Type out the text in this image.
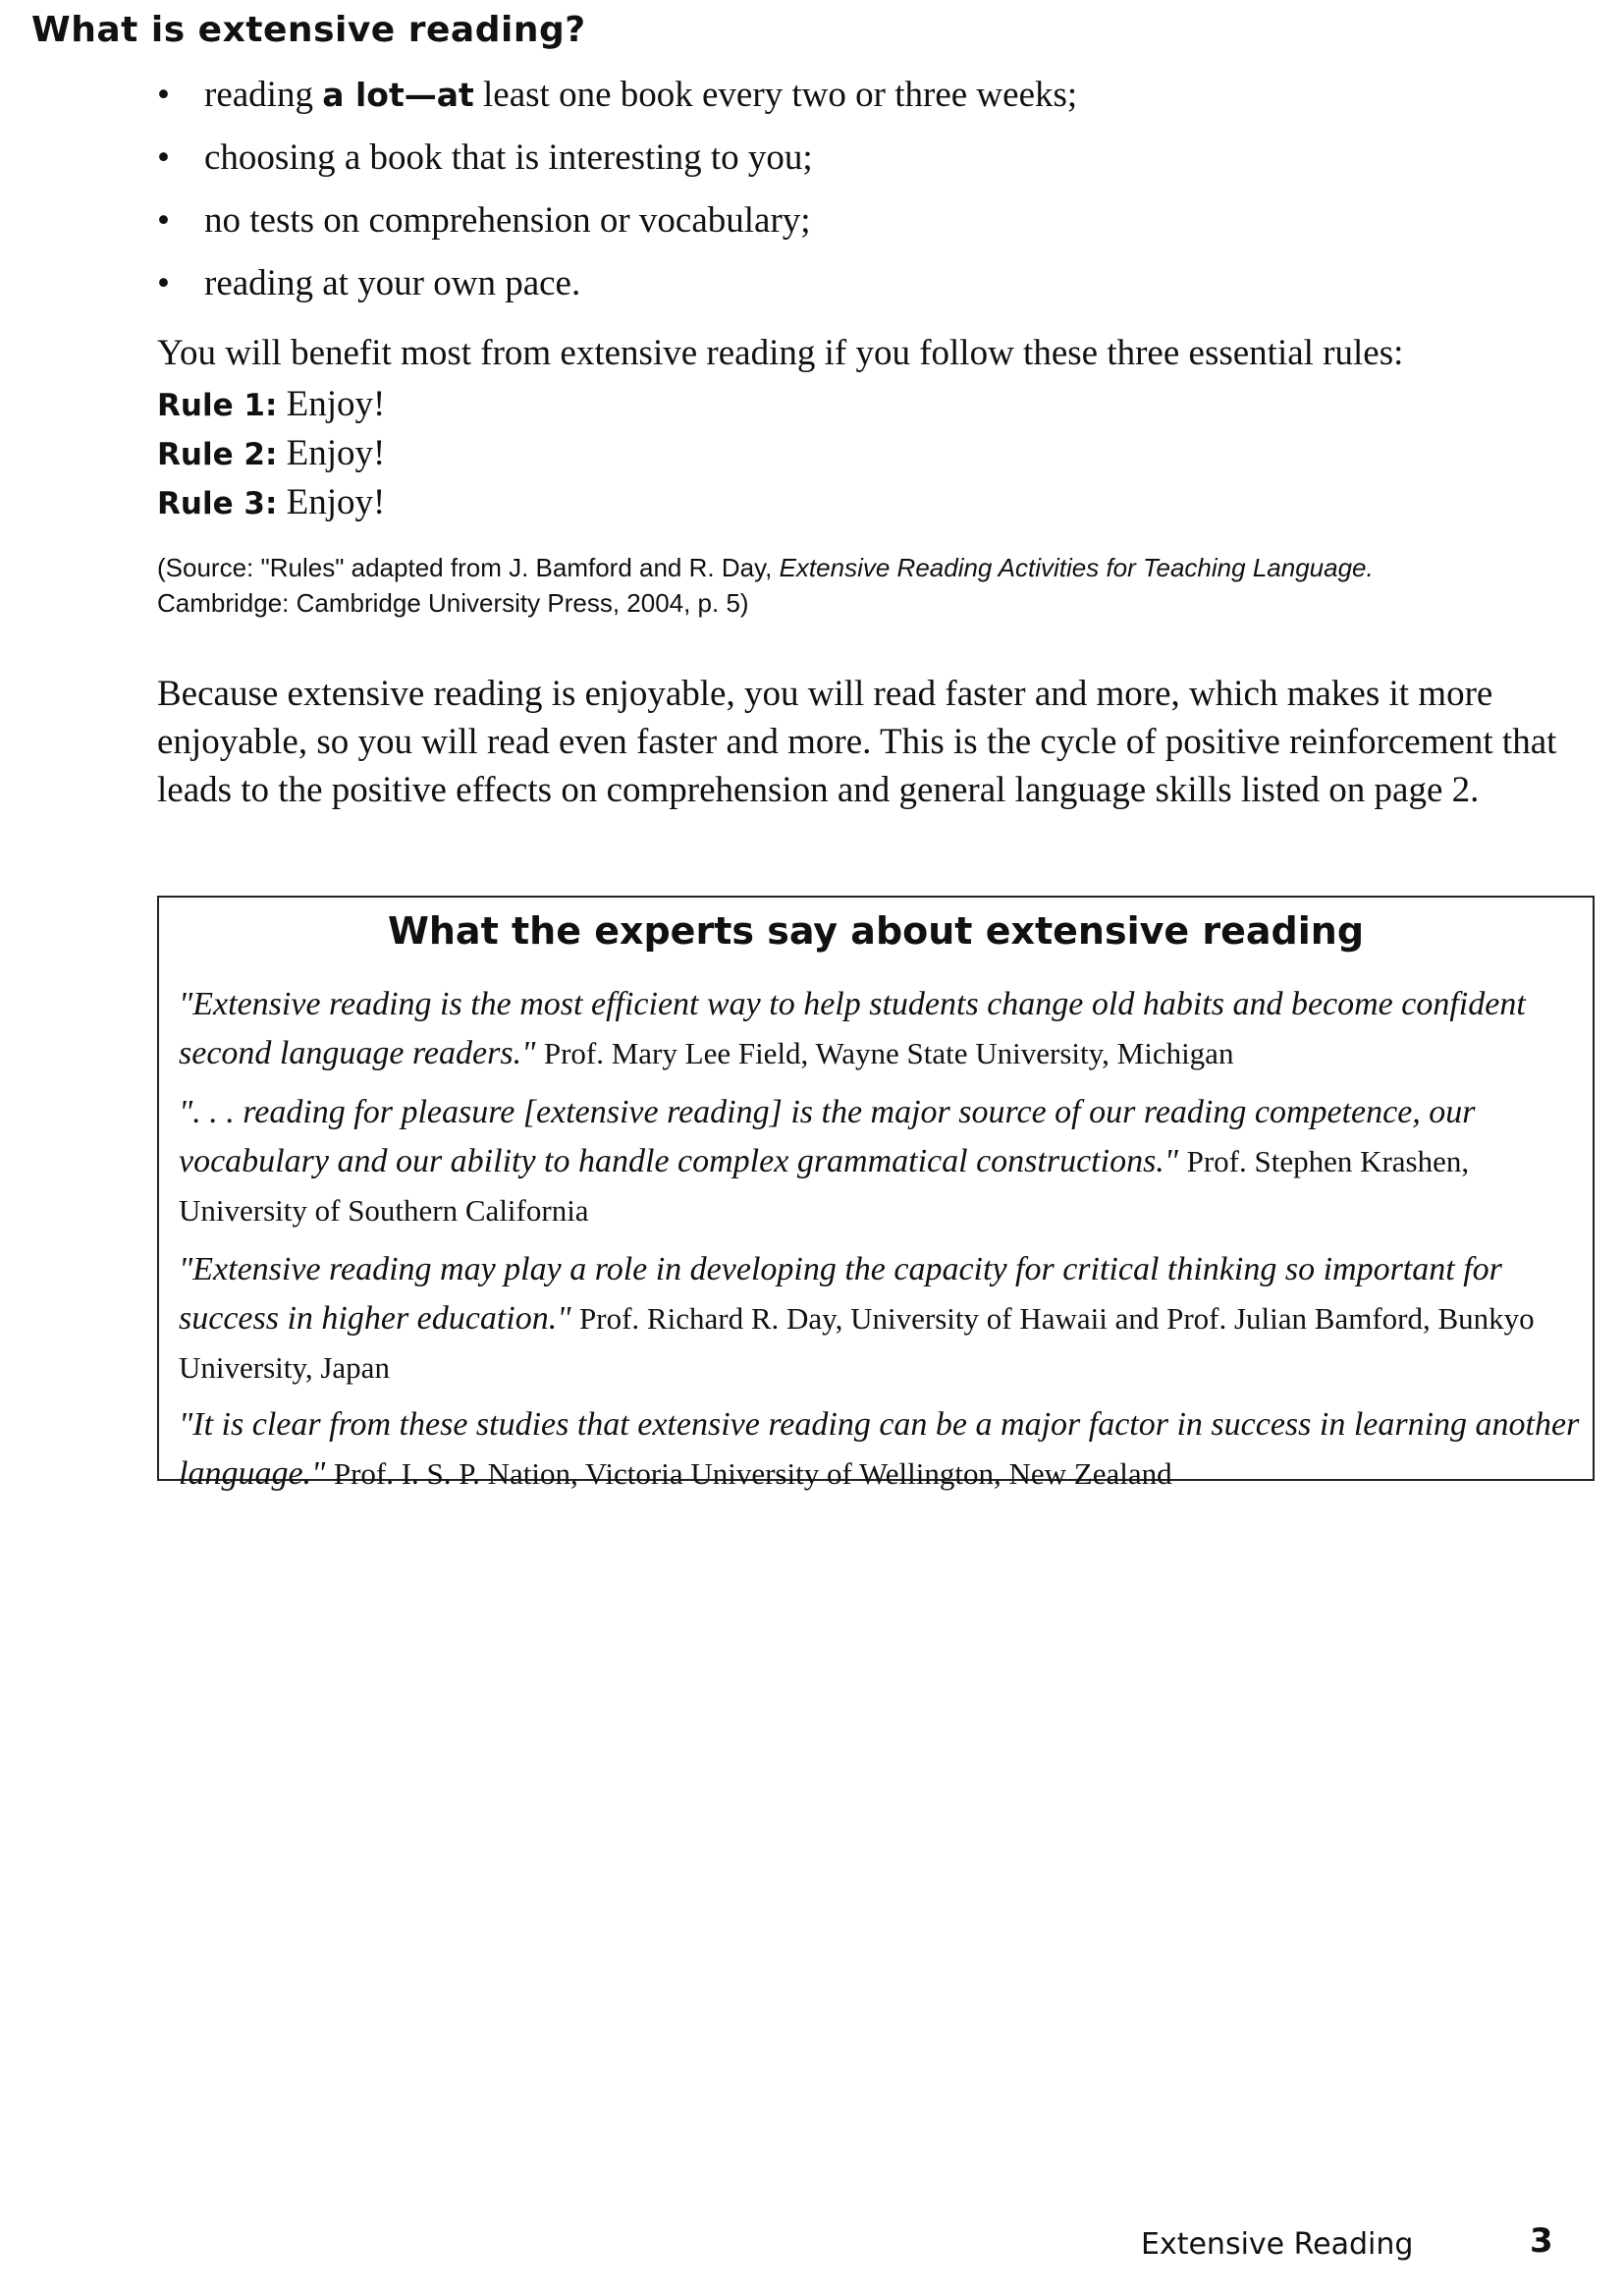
What is extensive reading?
• reading a lot—at least one book every two or three weeks;
• choosing a book that is interesting to you;
• no tests on comprehension or vocabulary;
• reading at your own pace.

You will benefit most from extensive reading if you follow these three essential rules:

Rule 1: Enjoy!
Rule 2: Enjoy!
Rule 3: Enjoy!

(Source: "Rules" adapted from J. Bamford and R. Day, Extensive Reading Activities for Teaching Language.
Cambridge: Cambridge University Press, 2004, p. 5)

Because extensive reading is enjoyable, you will read faster and more, which makes it more enjoyable, so you will read even faster and more. This is the cycle of positive reinforcement that leads to the positive effects on comprehension and general language skills listed on page 2.

What the experts say about extensive reading

"Extensive reading is the most efficient way to help students change old habits and become confident second language readers." Prof. Mary Lee Field, Wayne State University, Michigan

". . . reading for pleasure [extensive reading] is the major source of our reading competence, our vocabulary and our ability to handle complex grammatical constructions." Prof. Stephen Krashen, University of Southern California

"Extensive reading may play a role in developing the capacity for critical thinking so important for success in higher education." Prof. Richard R. Day, University of Hawaii and Prof. Julian Bamford, Bunkyo University, Japan

"It is clear from these studies that extensive reading can be a major factor in success in learning another language." Prof. I. S. P. Nation, Victoria University of Wellington, New Zealand

Extensive Reading	3
